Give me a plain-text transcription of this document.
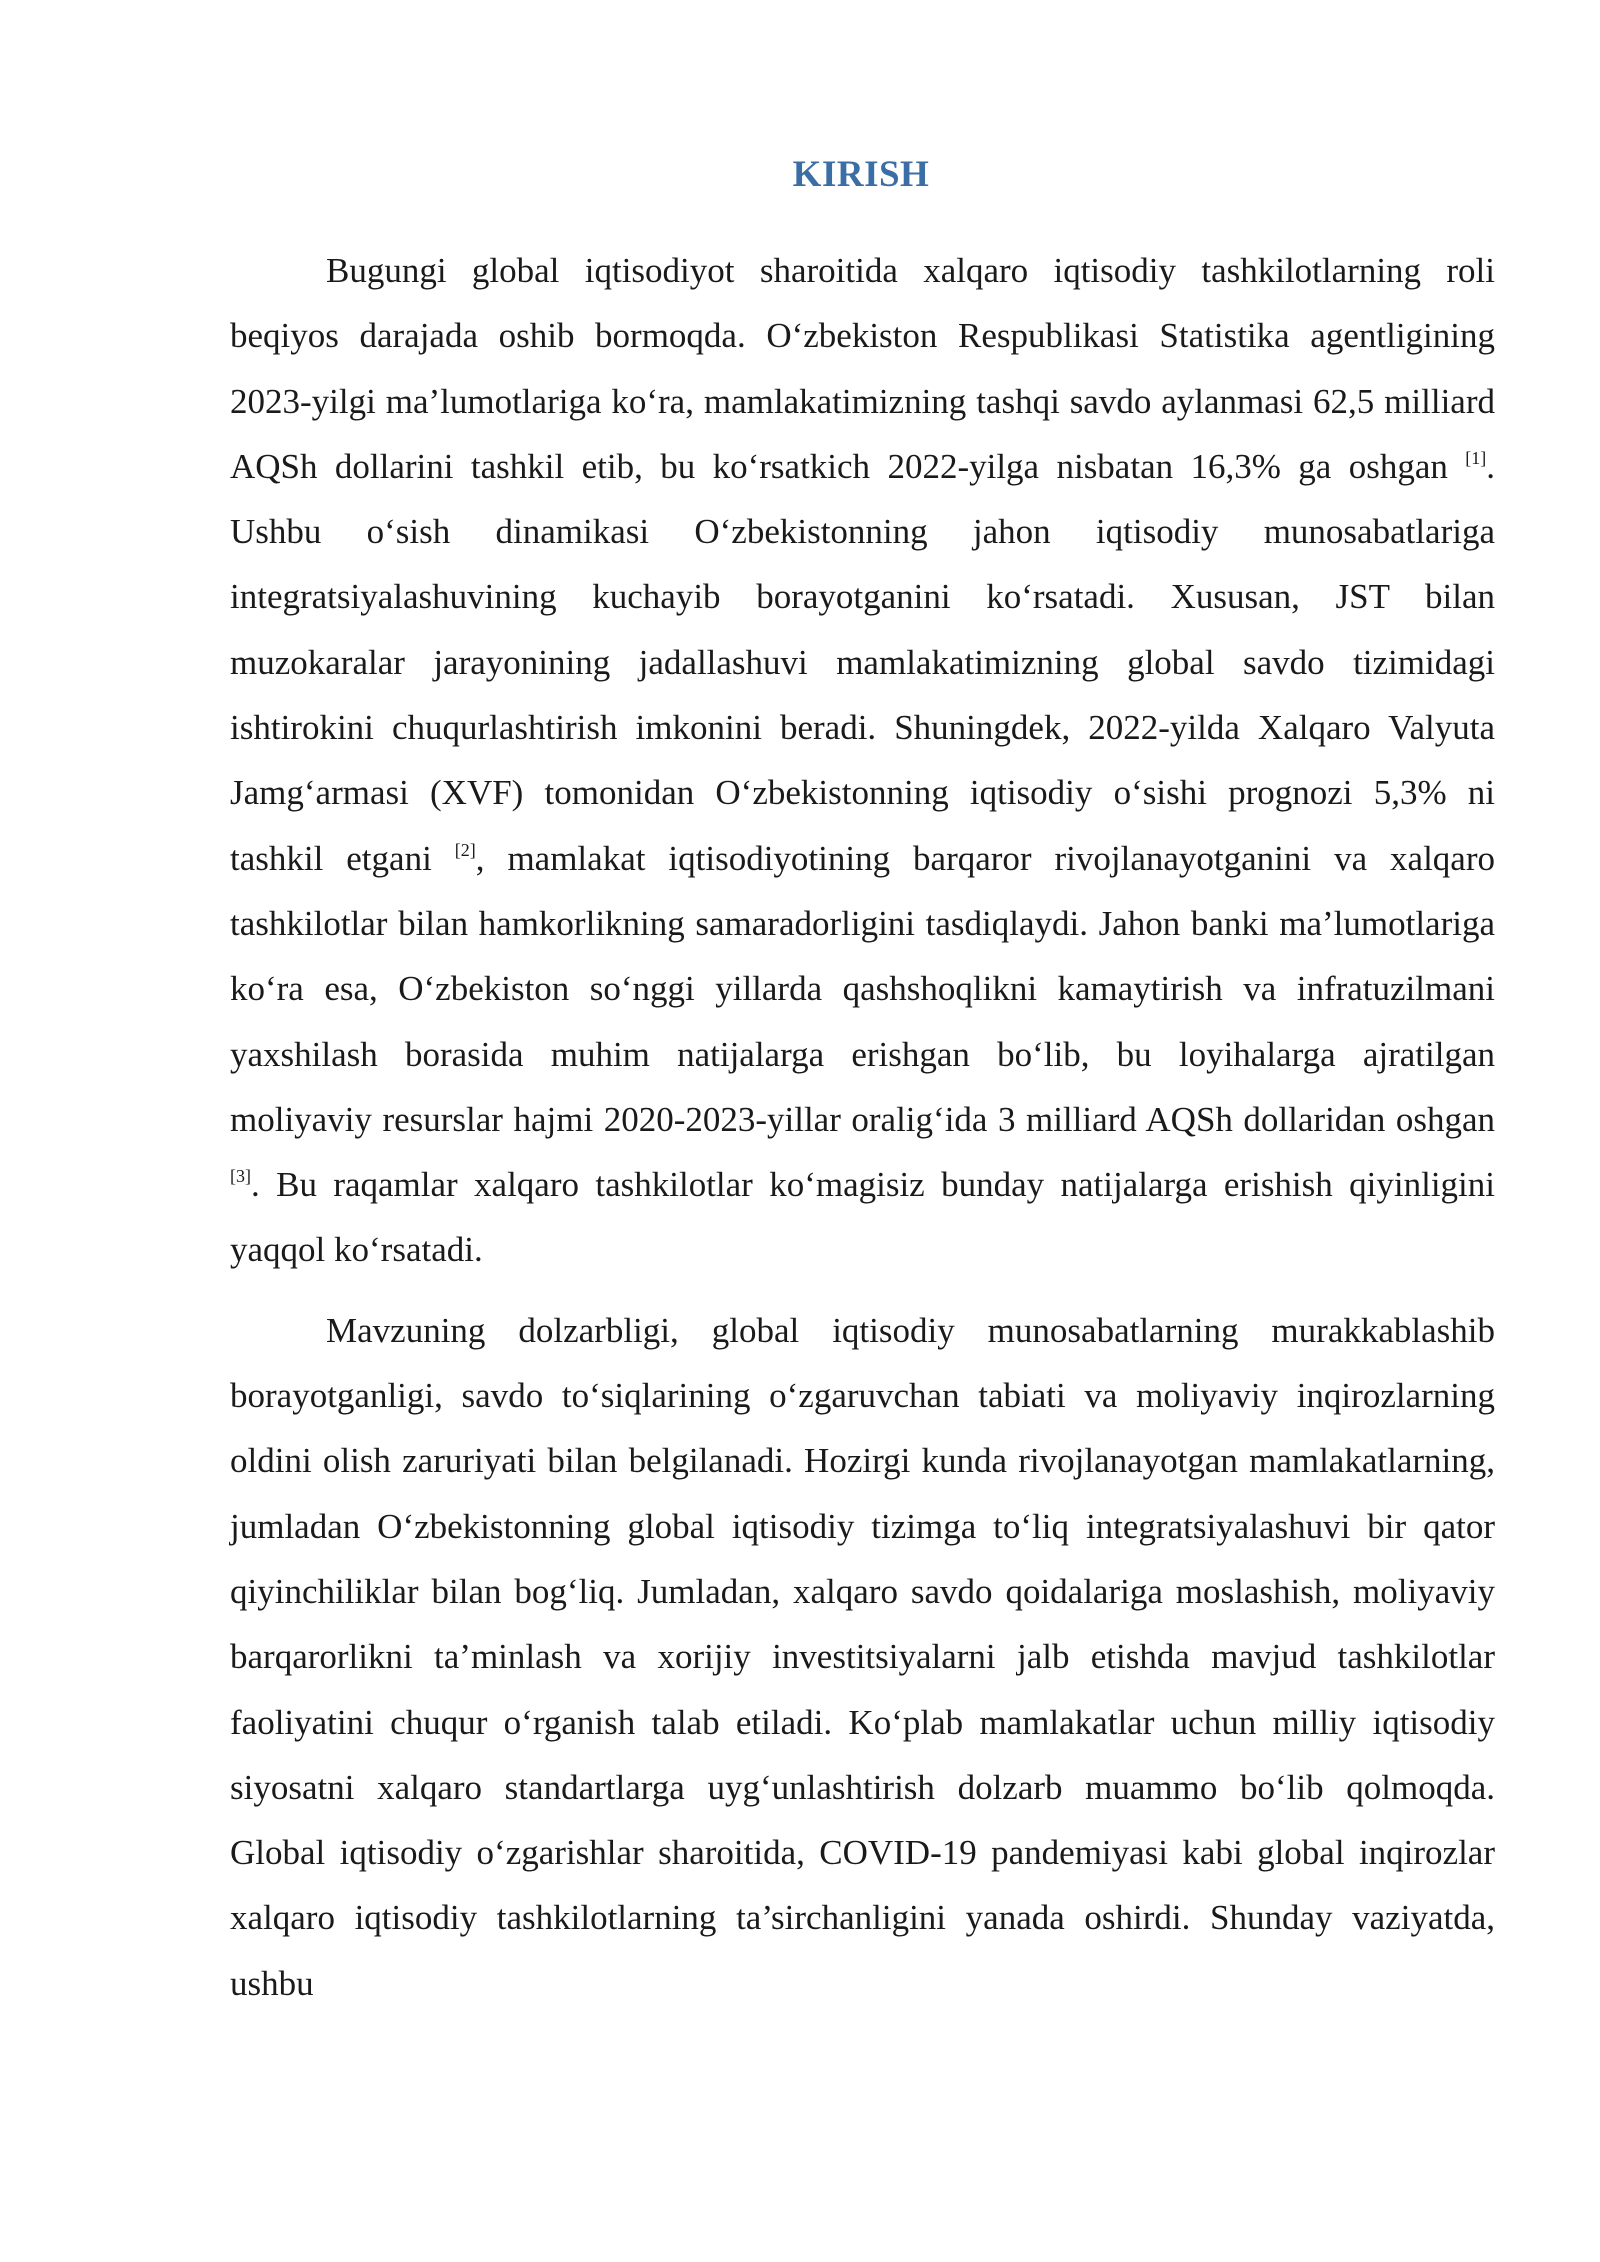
KIRISH

Bugungi global iqtisodiyot sharoitida xalqaro iqtisodiy tashkilotlarning roli beqiyos darajada oshib bormoqda. O‘zbekiston Respublikasi Statistika agentligining 2023-yilgi ma’lumotlariga ko‘ra, mamlakatimizning tashqi savdo aylanmasi 62,5 milliard AQSh dollarini tashkil etib, bu ko‘rsatkich 2022-yilga nisbatan 16,3% ga oshgan [1]. Ushbu o‘sish dinamikasi O‘zbekistonning jahon iqtisodiy munosabatlariga integratsiyalashuvining kuchayib borayotganini ko‘rsatadi. Xususan, JST bilan muzokaralar jarayonining jadallashuvi mamlakatimizning global savdo tizimidagi ishtirokini chuqurlashtirish imkonini beradi. Shuningdek, 2022-yilda Xalqaro Valyuta Jamg‘armasi (XVF) tomonidan O‘zbekistonning iqtisodiy o‘sishi prognozi 5,3% ni tashkil etgani [2], mamlakat iqtisodiyotining barqaror rivojlanayotganini va xalqaro tashkilotlar bilan hamkorlikning samaradorligini tasdiqlaydi. Jahon banki ma’lumotlariga ko‘ra esa, O‘zbekiston so‘nggi yillarda qashshoqlikni kamaytirish va infratuzilmani yaxshilash borasida muhim natijalarga erishgan bo‘lib, bu loyihalarga ajratilgan moliyaviy resurslar hajmi 2020-2023-yillar oralig‘ida 3 milliard AQSh dollaridan oshgan [3]. Bu raqamlar xalqaro tashkilotlar ko‘magisiz bunday natijalarga erishish qiyinligini yaqqol ko‘rsatadi.

Mavzuning dolzarbligi, global iqtisodiy munosabatlarning murakkablashib borayotganligi, savdo to‘siqlarining o‘zgaruvchan tabiati va moliyaviy inqirozlarning oldini olish zaruriyati bilan belgilanadi. Hozirgi kunda rivojlanayotgan mamlakatlarning, jumladan O‘zbekistonning global iqtisodiy tizimga to‘liq integratsiyalashuvi bir qator qiyinchiliklar bilan bog‘liq. Jumladan, xalqaro savdo qoidalariga moslashish, moliyaviy barqarorlikni ta’minlash va xorijiy investitsiyalarni jalb etishda mavjud tashkilotlar faoliyatini chuqur o‘rganish talab etiladi. Ko‘plab mamlakatlar uchun milliy iqtisodiy siyosatni xalqaro standartlarga uyg‘unlashtirish dolzarb muammo bo‘lib qolmoqda. Global iqtisodiy o‘zgarishlar sharoitida, COVID-19 pandemiyasi kabi global inqirozlar xalqaro iqtisodiy tashkilotlarning ta’sirchanligini yanada oshirdi. Shunday vaziyatda, ushbu
